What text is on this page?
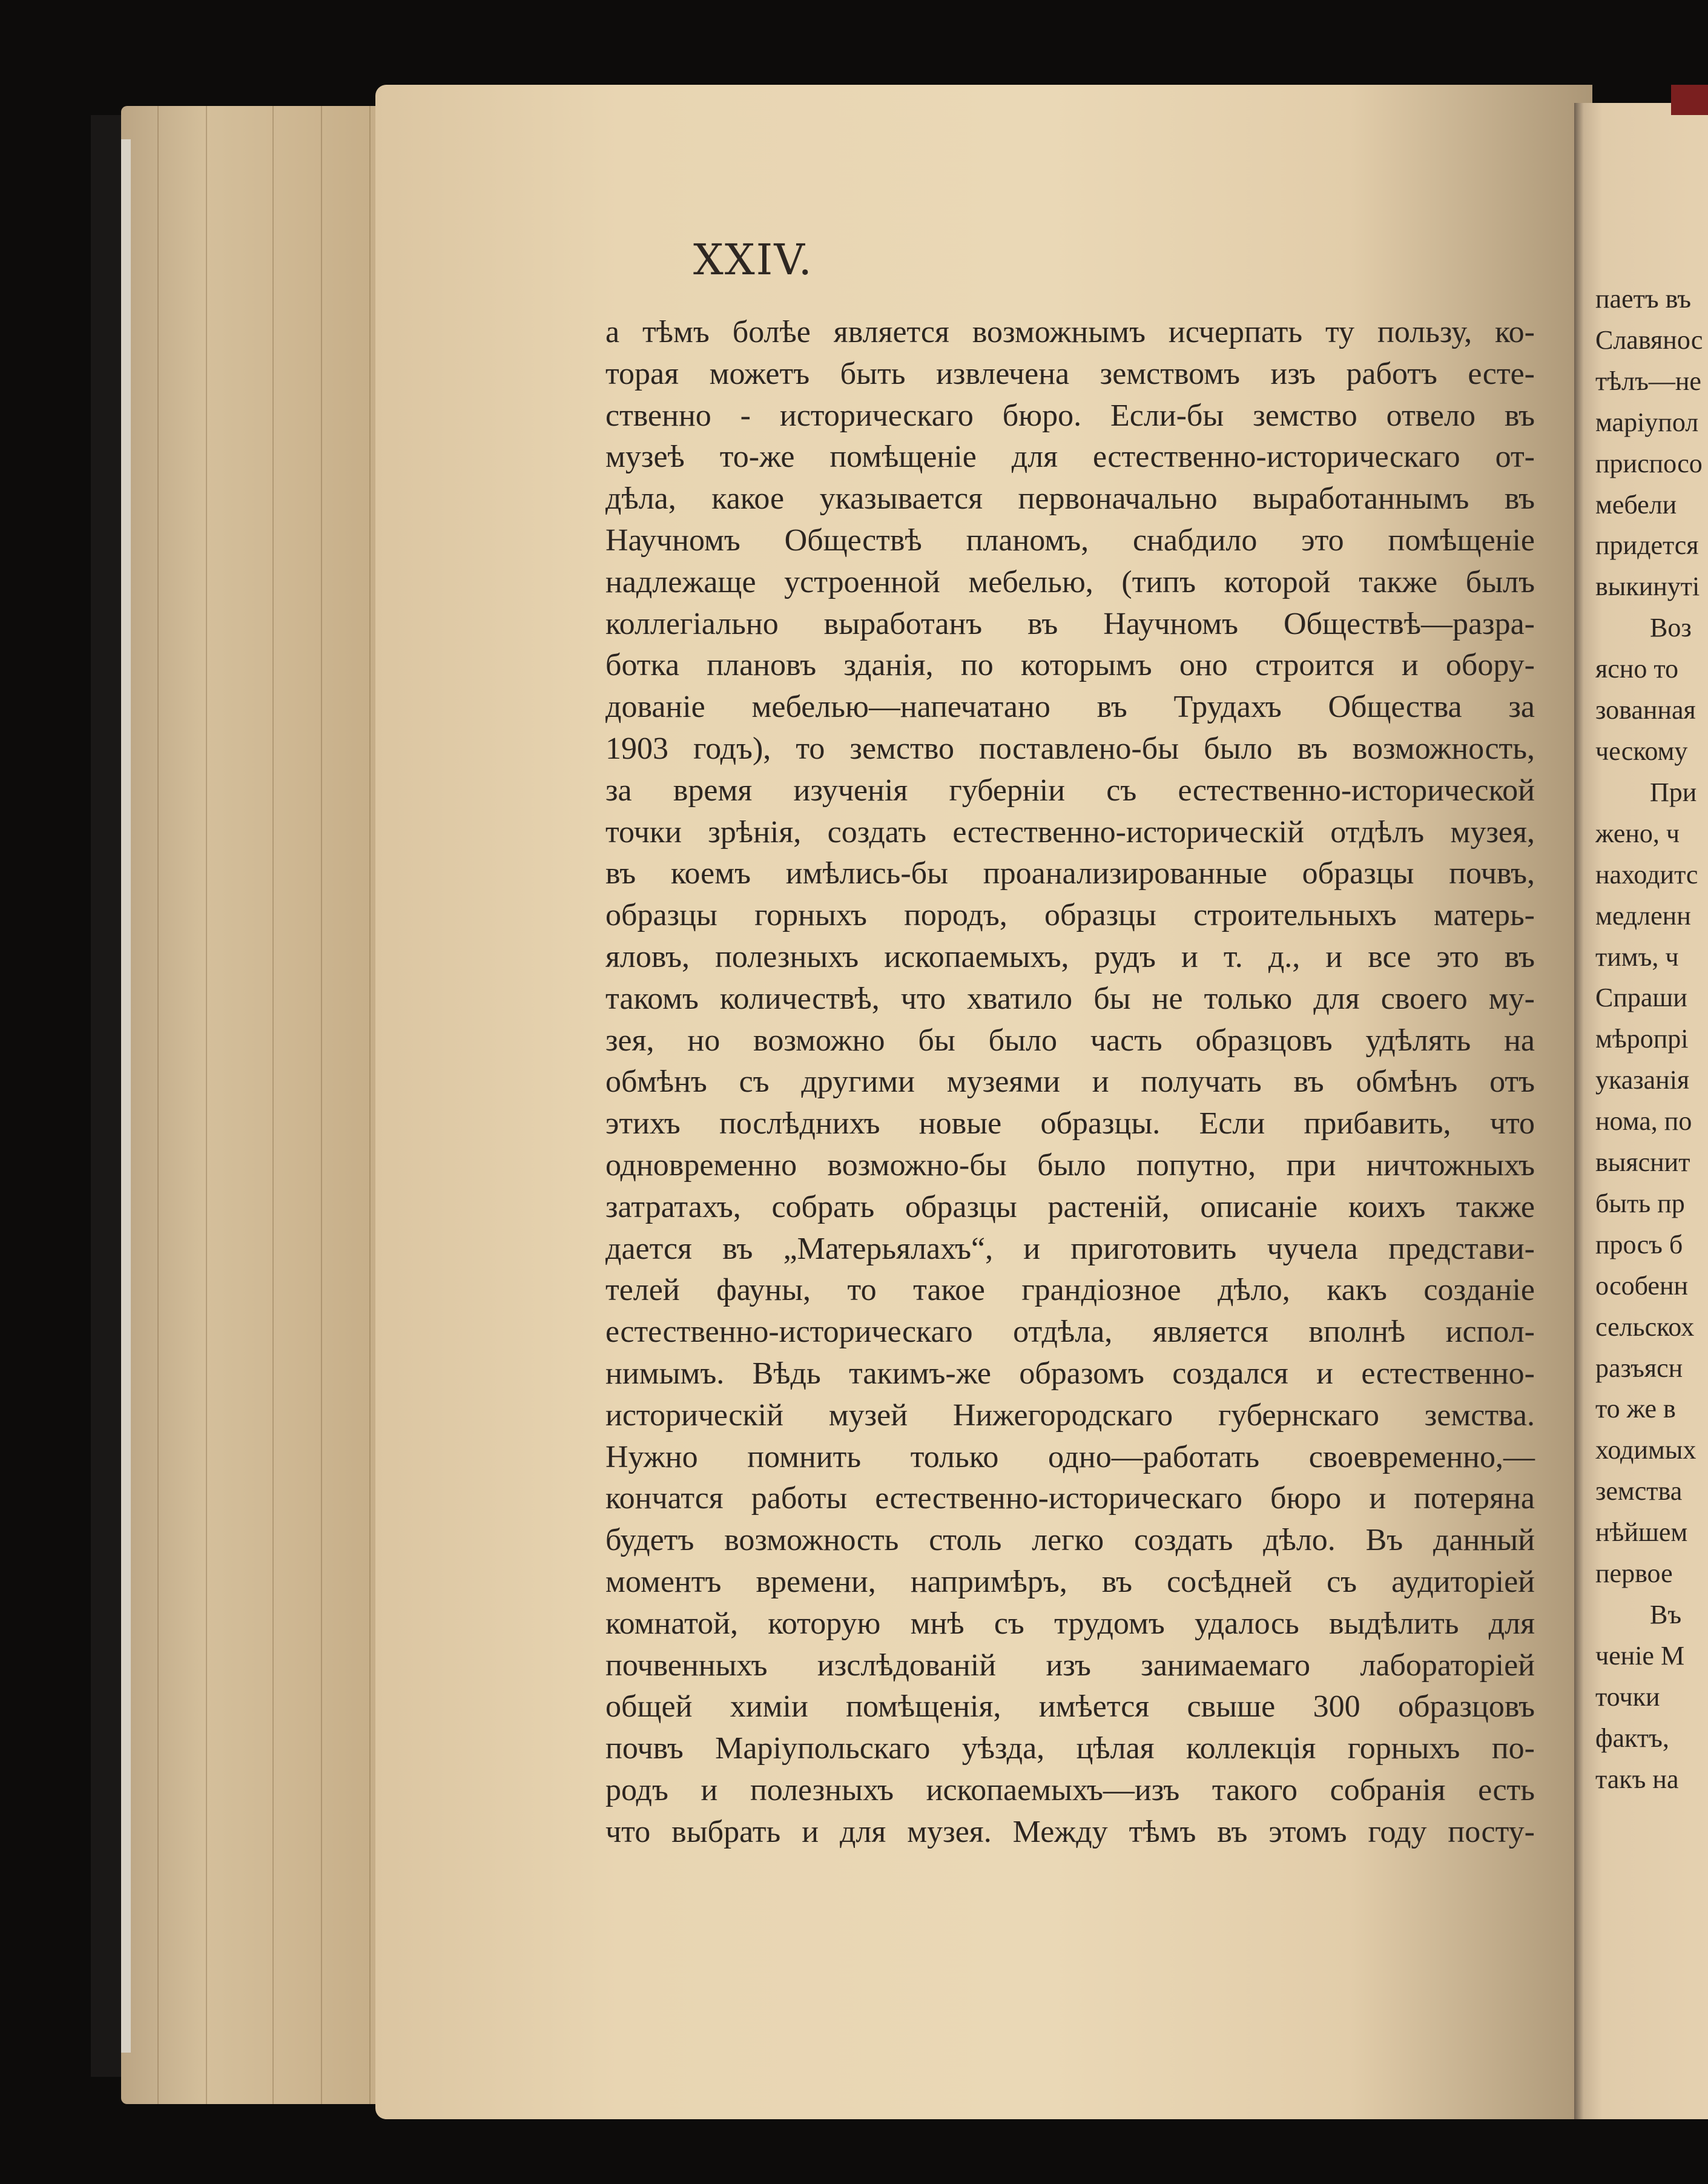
XXIV.
а тѣмъ болѣе является возможнымъ исчерпать ту пользу, ко-
торая можетъ быть извлечена земствомъ изъ работъ есте-
ственно - историческаго бюро. Если-бы земство отвело въ
музеѣ то-же помѣщеніе для естественно-историческаго от-
дѣла, какое указывается первоначально выработаннымъ въ
Научномъ Обществѣ планомъ, снабдило это помѣщеніе
надлежаще устроенной мебелью, (типъ которой также былъ
коллегіально выработанъ въ Научномъ Обществѣ—разра-
ботка плановъ зданія, по которымъ оно строится и обору-
дованіе мебелью—напечатано въ Трудахъ Общества за
1903 годъ), то земство поставлено-бы было въ возможность,
за время изученія губерніи съ естественно-исторической
точки зрѣнія, создать естественно-историческій отдѣлъ музея,
въ коемъ имѣлись-бы проанализированные образцы почвъ,
образцы горныхъ породъ, образцы строительныхъ матерь-
яловъ, полезныхъ ископаемыхъ, рудъ и т. д., и все это въ
такомъ количествѣ, что хватило бы не только для своего му-
зея, но возможно бы было часть образцовъ удѣлять на
обмѣнъ съ другими музеями и получать въ обмѣнъ отъ
этихъ послѣднихъ новые образцы. Если прибавить, что
одновременно возможно-бы было попутно, при ничтожныхъ
затратахъ, собрать образцы растеній, описаніе коихъ также
дается въ „Матерьялахъ“, и приготовить чучела представи-
телей фауны, то такое грандіозное дѣло, какъ созданіе
естественно-историческаго отдѣла, является вполнѣ испол-
нимымъ. Вѣдь такимъ-же образомъ создался и естественно-
историческій музей Нижегородскаго губернскаго земства.
Нужно помнить только одно—работать своевременно,—
кончатся работы естественно-историческаго бюро и потеряна
будетъ возможность столь легко создать дѣло. Въ данный
моментъ времени, напримѣръ, въ сосѣдней съ аудиторіей
комнатой, которую мнѣ съ трудомъ удалось выдѣлить для
почвенныхъ изслѣдованій изъ занимаемаго лабораторіей
общей химіи помѣщенія, имѣется свыше 300 образцовъ
почвъ Маріупольскаго уѣзда, цѣлая коллекція горныхъ по-
родъ и полезныхъ ископаемыхъ—изъ такого собранія есть
что выбрать и для музея. Между тѣмъ въ этомъ году посту-
паетъ въ
Славянос
тѣлъ—не
маріупол
приспосо
мебели
придется
выкинуті
Воз
ясно то
зованная
ческому
При
жено, ч
находитс
медленн
тимъ, ч
Спраши
мѣропрі
указанія
нома, по
выяснит
быть пр
просъ б
особенн
сельскох
разъясн
то же в
ходимых
земства
нѣйшем
первое
Въ
ченіе М
точки
фактъ,
такъ на
